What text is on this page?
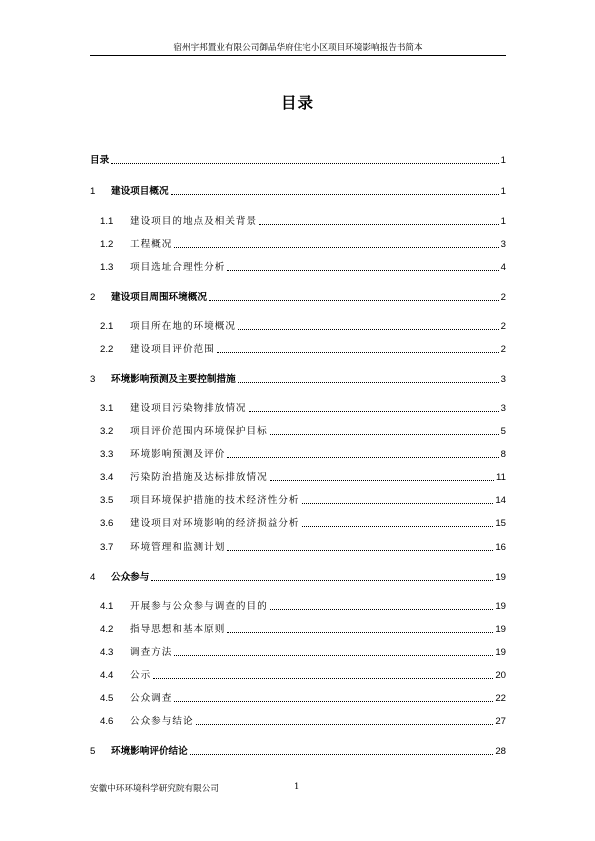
宿州宇邦置业有限公司御品华府住宅小区项目环境影响报告书简本
目录
目录	1
1	建设项目概况	1
1.1	建设项目的地点及相关背景	1
1.2	工程概况	3
1.3	项目选址合理性分析	4
2	建设项目周围环境概况	2
2.1	项目所在地的环境概况	2
2.2	建设项目评价范围	2
3	环境影响预测及主要控制措施	3
3.1	建设项目污染物排放情况	3
3.2	项目评价范围内环境保护目标	5
3.3	环境影响预测及评价	8
3.4	污染防治措施及达标排放情况	11
3.5	项目环境保护措施的技术经济性分析	14
3.6	建设项目对环境影响的经济损益分析	15
3.7	环境管理和监测计划	16
4	公众参与	19
4.1	开展参与公众参与调查的目的	19
4.2	指导思想和基本原则	19
4.3	调查方法	19
4.4	公示	20
4.5	公众调查	22
4.6	公众参与结论	27
5	环境影响评价结论	28
安徽中环环境科学研究院有限公司	1
